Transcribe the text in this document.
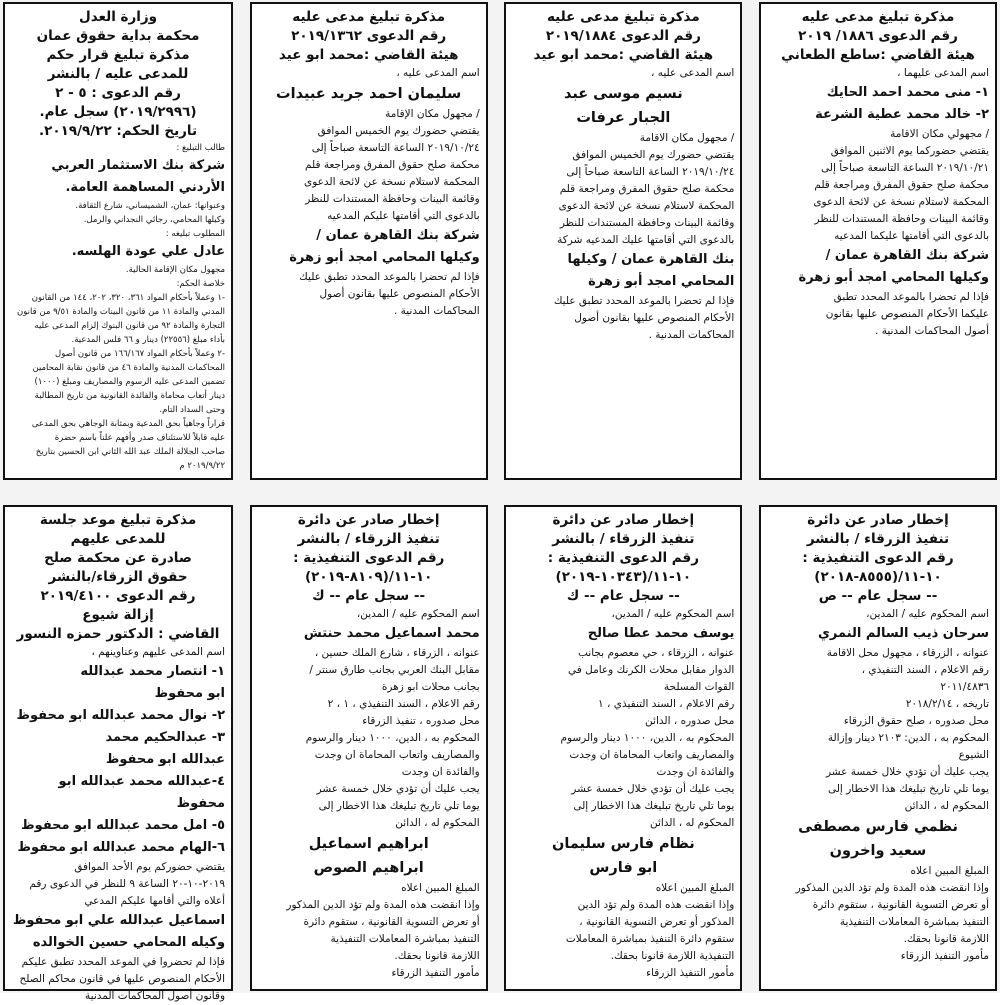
مذكرة تبليغ مدعى عليه
رقم الدعوى ١٨٨٦/ ٢٠١٩
هيئة القاضي :ساطع الطعاني
اسم المدعى عليهما ،
١- منى محمد احمد الحايك
٢- خالد محمد عطية الشرعة
/ مجهولي مكان الاقامة
يقتضي حضوركما يوم الاثنين الموافق
٢٠١٩/١٠/٢١ الساعة التاسعة صباحاً إلى
محكمة صلح حقوق المفرق ومراجعة قلم
المحكمة لاستلام نسخة عن لائحة الدعوى
وقائمة البينات وحافظة المستندات للنظر
بالدعوى التي أقامتها عليكما المدعيه
شركة بنك القاهرة عمان /
وكيلها المحامي امجد أبو زهرة
فإذا لم تحضرا بالموعد المحدد تطبق
عليكما الأحكام المنصوص عليها بقانون
أصول المحاكمات المدنية .
مذكرة تبليغ مدعى عليه
رقم الدعوى ٢٠١٩/١٨٨٤
هيئة القاضي :محمد ابو عيد
اسم المدعى عليه ،
نسيم موسى عبد
الجبار عرفات
/ مجهول مكان الاقامة
يقتضي حضورك يوم الخميس الموافق
٢٠١٩/١٠/٢٤ الساعة التاسعة صباحاً إلى
محكمة صلح حقوق المفرق ومراجعة قلم
المحكمة لاستلام نسخة عن لائحة الدعوى
وقائمة البينات وحافظة المستندات للنظر
بالدعوى التي أقامتها عليك المدعيه شركة
بنك القاهرة عمان / وكيلها
المحامي امجد أبو زهرة
فإذا لم تحضرا بالموعد المحدد تطبق عليك
الأحكام المنصوص عليها بقانون أصول
المحاكمات المدنية .
مذكرة تبليغ مدعى عليه
رقم الدعوى ٢٠١٩/١٣٦٢
هيئة القاضي :محمد ابو عيد
اسم المدعى عليه ،
سليمان احمد جريد عبيدات
/ مجهول مكان الإقامة
يقتضي حضورك يوم الخميس الموافق
٢٠١٩/١٠/٢٤ الساعة التاسعة صباحاً إلى
محكمة صلح حقوق المفرق ومراجعة قلم
المحكمة لاستلام نسخة عن لائحة الدعوى
وقائمة البينات وحافظة المستندات للنظر
بالدعوى التي أقامتها عليكم المدعيه
شركة بنك القاهرة عمان /
وكيلها المحامي امجد أبو زهرة
فإذا لم تحضرا بالموعد المحدد تطبق عليك
الأحكام المنصوص عليها بقانون أصول
المحاكمات المدنية .
وزارة العدل
محكمة بداية حقوق عمان
مذكرة تبليغ قرار حكم
للمدعى عليه / بالنشر
رقم الدعوى : ٥ - ٢
(٢٠١٩/٢٩٩٦) سجل عام.
تاريخ الحكم: ٢٠١٩/٩/٢٢.
طالب التبليغ :
شركة بنك الاستثمار العربي
الأردني المساهمة العامة.
وعنوانها: عمان، الشميساني، شارع الثقافة.
وكيلها المحامي، رجائي النجداني والرمل.
المطلوب تبليغه :
عادل علي عودة الهلسه.
مجهول مكان الإقامة الحالية.
خلاصة الحكم:
-١ وعملاً بأحكام المواد ٣٦١، ٣٢٠، ٢٠٢، ١٤٤ من القانون
المدني والمادة ١١ من قانون البينات والمادة ٩/٥١ من قانون
التجارة والمادة ٩٢ من قانون البنوك إلزام المدعى عليه
بأداء مبلغ (٢٢٥٥٦) دينار و ٦٦ فلس المدعية.
-٢ وعملاً بأحكام المواد ١٦٦/١٦٧ من قانون أصول
المحاكمات المدنية والمادة ٤٦ من قانون نقابة المحامين
تضمين المدعى عليه الرسوم والمصاريف ومبلغ (١٠٠٠)
دينار أتعاب محاماة والفائدة القانونية من تاريخ المطالبة
وحتى السداد التام.
قراراً وجاهياً بحق المدعية وبمثابة الوجاهي بحق المدعى
عليه قابلاً للاستئناف صدر وأفهم علناً باسم حضرة
صاحب الجلالة الملك عبد الله الثاني ابن الحسين بتاريخ
٢٠١٩/٩/٢٢ م
إخطار صادر عن دائرة
تنفيذ الزرقاء / بالنشر
رقم الدعوى التنفيذية :
١٠-١١/(٨٥٥٥-٢٠١٨)
-- سجل عام -- ص
اسم المحكوم عليه / المدين،
سرحان ذيب السالم النمري
عنوانه ، الزرقاء ، مجهول محل الاقامة
رقم الاعلام ، السند التنفيذي ،
٢٠١١/٤٨٣٦
تاريخه ، ٢٠١٨/٢/١٤
محل صدوره ، صلح حقوق الزرقاء
المحكوم به ، الدين: ٢١٠٣ دينار وإزالة
الشيوع
يجب عليك أن تؤدي خلال خمسة عشر
يوما تلي تاريخ تبليغك هذا الاخطار إلى
المحكوم له ، الدائن
نظمي فارس مصطفى
سعيد واخرون
المبلغ المبين اعلاه
وإذا انقضت هذه المدة ولم تؤد الدين المذكور
أو تعرض التسوية القانونية ، ستقوم دائرة
التنفيذ بمباشرة المعاملات التنفيذية
اللازمة قانونا بحقك.
مأمور التنفيذ الزرقاء
إخطار صادر عن دائرة
تنفيذ الزرقاء / بالنشر
رقم الدعوى التنفيذية :
١٠-١١/(١٠٣٤٣-٢٠١٩)
-- سجل عام -- ك
اسم المحكوم عليه / المدين،
يوسف محمد عطا صالح
عنوانه ، الزرقاء ، حي معصوم بجانب
الدوار مقابل محلات الكرنك وعامل في
القوات المسلحة
رقم الاعلام ، السند التنفيذي ، ١
محل صدوره ، الدائن
المحكوم به ، الدين، ١٠٠٠ دينار والرسوم
والمصاريف واتعاب المحاماة ان وجدت
والفائدة ان وجدت
يجب عليك أن تؤدي خلال خمسة عشر
يوما تلي تاريخ تبليغك هذا الاخطار إلى
المحكوم له ، الدائن
نظام فارس سليمان
ابو فارس
المبلغ المبين اعلاه
وإذا انقضت هذه المدة ولم تؤد الدين
المذكور أو تعرض التسوية القانونية ،
ستقوم دائرة التنفيذ بمباشرة المعاملات
التنفيذية اللازمة قانونا بحقك.
مأمور التنفيذ الزرقاء
إخطار صادر عن دائرة
تنفيذ الزرقاء / بالنشر
رقم الدعوى التنفيذية :
١٠-١١/(٨١٠٩-٢٠١٩)
-- سجل عام -- ك
اسم المحكوم عليه / المدين،
محمد اسماعيل محمد حنتش
عنوانه ، الزرقاء ، شارع الملك حسين ،
مقابل البنك العربي بجانب طارق سنتر /
بجانب محلات ابو زهرة
رقم الاعلام ، السند التنفيذي ، ١ ، ٢
محل صدوره ، تنفيذ الزرقاء
المحكوم به ، الدين، ١٠٠٠ دينار والرسوم
والمصاريف واتعاب المحاماة ان وجدت
والفائدة ان وجدت
يجب عليك أن تؤدي خلال خمسة عشر
يوما تلي تاريخ تبليغك هذا الاخطار إلى
المحكوم له ، الدائن
ابراهيم اسماعيل
ابراهيم الصوص
المبلغ المبين اعلاه
وإذا انقضت هذه المدة ولم تؤد الدين المذكور
أو تعرض التسوية القانونية ، ستقوم دائرة
التنفيذ بمباشرة المعاملات التنفيذية
اللازمة قانونا بحقك.
مأمور التنفيذ الزرقاء
مذكرة تبليغ موعد جلسة
للمدعى عليهم
صادرة عن محكمة صلح
حقوق الزرقاء/بالنشر
رقم الدعوى ٢٠١٩/٤١٠٠
إزالة شيوع
القاضي : الدكتور حمزه النسور
اسم المدعى عليهم وعناوينهم ،
١- انتصار محمد عبدالله
ابو محفوظ
٢- نوال محمد عبدالله ابو محفوظ
٣- عبدالحكيم محمد
عبدالله ابو محفوظ
٤-عبدالله محمد عبدالله ابو محفوظ
٥- امل محمد عبدالله ابو محفوظ
٦-الهام محمد عبدالله ابو محفوظ
يقتضي حضوركم يوم الأحد الموافق
٢٠١٩-١٠-٢٠ الساعة ٩ للنظر في الدعوى رقم
أعلاه والتي أقامها عليكم المدعي
اسماعيل عبدالله علي ابو محفوظ
وكيله المحامي حسين الخوالده
فإذا لم تحضروا في الموعد المحدد تطبق عليكم
الأحكام المنصوص عليها في قانون محاكم الصلح
وقانون أصول المحاكمات المدنية
